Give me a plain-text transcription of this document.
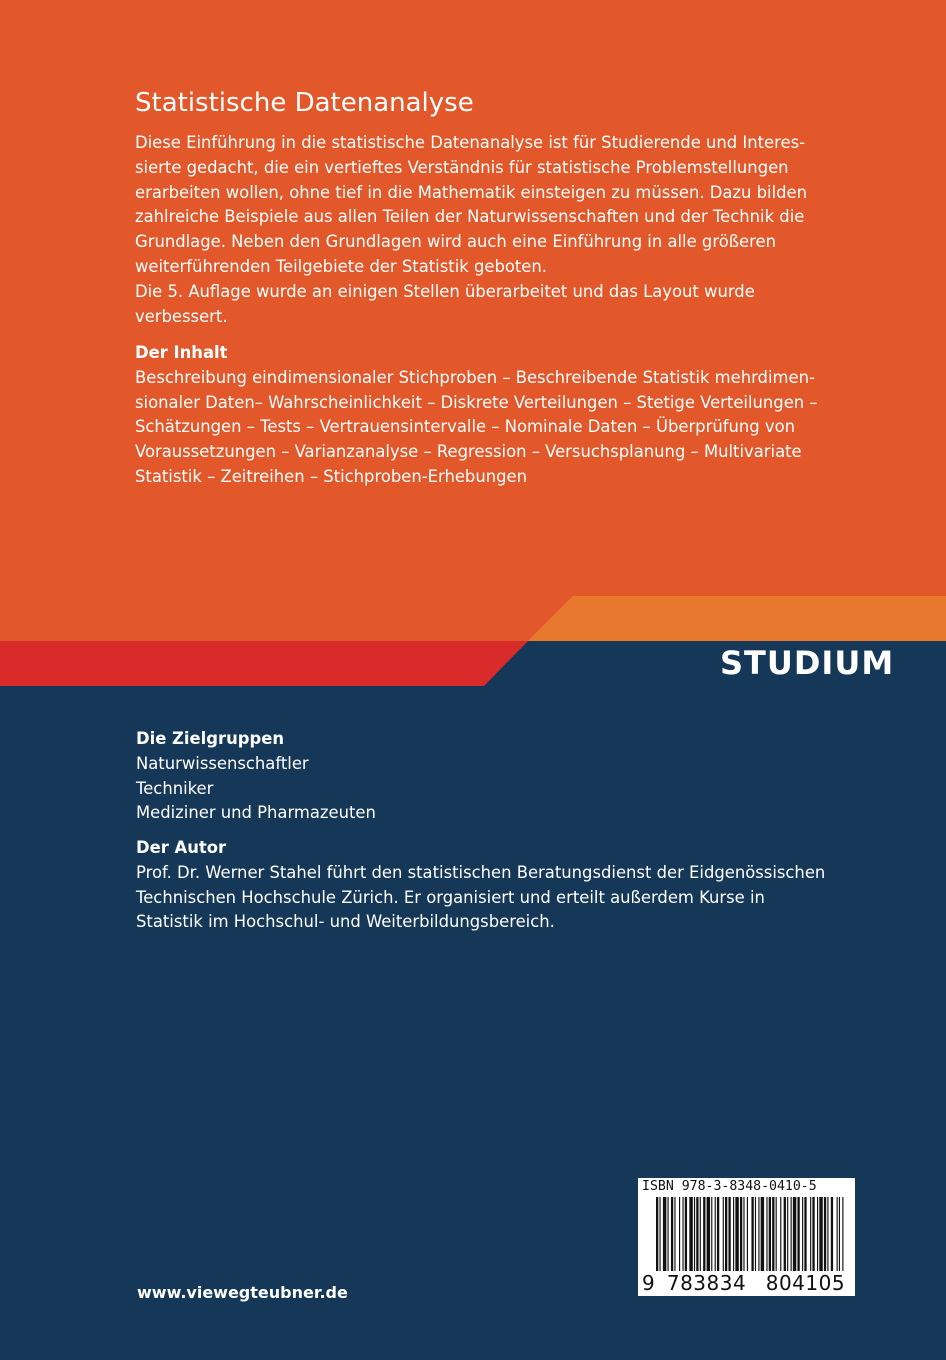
Statistische Datenanalyse

Diese Einführung in die statistische Datenanalyse ist für Studierende und Interes-
sierte gedacht, die ein vertieftes Verständnis für statistische Problemstellungen
erarbeiten wollen, ohne tief in die Mathematik einsteigen zu müssen. Dazu bilden
zahlreiche Beispiele aus allen Teilen der Naturwissenschaften und der Technik die
Grundlage. Neben den Grundlagen wird auch eine Einführung in alle größeren
weiterführenden Teilgebiete der Statistik geboten.
Die 5. Auflage wurde an einigen Stellen überarbeitet und das Layout wurde
verbessert.

Der Inhalt
Beschreibung eindimensionaler Stichproben – Beschreibende Statistik mehrdimen-
sionaler Daten– Wahrscheinlichkeit – Diskrete Verteilungen – Stetige Verteilungen –
Schätzungen – Tests – Vertrauensintervalle – Nominale Daten – Überprüfung von
Voraussetzungen – Varianzanalyse – Regression – Versuchsplanung – Multivariate
Statistik – Zeitreihen – Stichproben-Erhebungen

STUDIUM

Die Zielgruppen
Naturwissenschaftler
Techniker
Mediziner und Pharmazeuten

Der Autor
Prof. Dr. Werner Stahel führt den statistischen Beratungsdienst der Eidgenössischen
Technischen Hochschule Zürich. Er organisiert und erteilt außerdem Kurse in
Statistik im Hochschul- und Weiterbildungsbereich.

www.viewegteubner.de
ISBN 978-3-8348-0410-5
9 783834 804105
